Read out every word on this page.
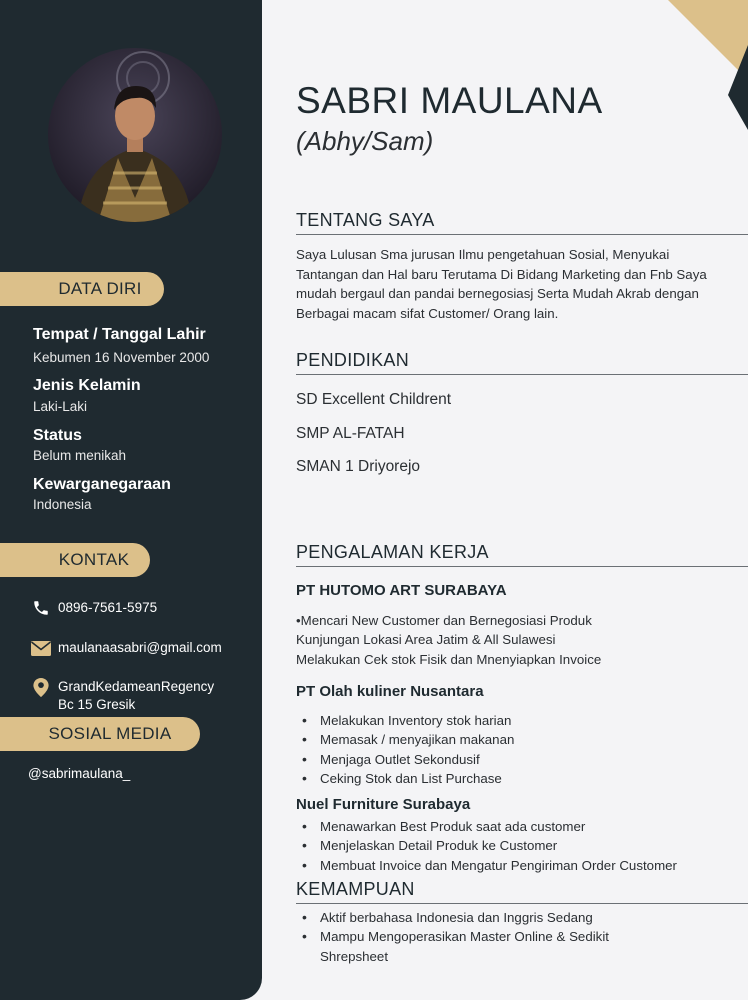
DATA DIRI
Tempat / Tanggal Lahir
Kebumen 16 November 2000
Jenis Kelamin
Laki-Laki
Status
Belum menikah
Kewarganegaraan
Indonesia
KONTAK
0896-7561-5975
maulanaasabri@gmail.com
GrandKedameanRegency
Bc 15 Gresik
SOSIAL MEDIA
@sabrimaulana_
SABRI MAULANA
(Abhy/Sam)
TENTANG SAYA
Saya Lulusan Sma jurusan Ilmu pengetahuan Sosial, Menyukai Tantangan dan Hal baru Terutama Di Bidang Marketing dan Fnb Saya mudah bergaul dan pandai bernegosiasj Serta Mudah Akrab dengan Berbagai macam sifat Customer/ Orang lain.
PENDIDIKAN
SD Excellent Childrent
SMP AL-FATAH
SMAN 1 Driyorejo
PENGALAMAN KERJA
PT HUTOMO ART SURABAYA
•Mencari New Customer dan Bernegosiasi Produk
Kunjungan Lokasi Area Jatim & All Sulawesi
Melakukan Cek stok Fisik dan Mnenyiapkan Invoice
PT Olah kuliner Nusantara
• Melakukan Inventory stok harian
• Memasak / menyajikan makanan
• Menjaga Outlet Sekondusif
• Ceking Stok dan List Purchase
Nuel Furniture Surabaya
• Menawarkan Best Produk saat ada customer
• Menjelaskan Detail Produk ke Customer
• Membuat Invoice dan Mengatur Pengiriman Order Customer
KEMAMPUAN
• Aktif berbahasa Indonesia dan Inggris Sedang
• Mampu Mengoperasikan Master Online & Sedikit Shrepsheet
